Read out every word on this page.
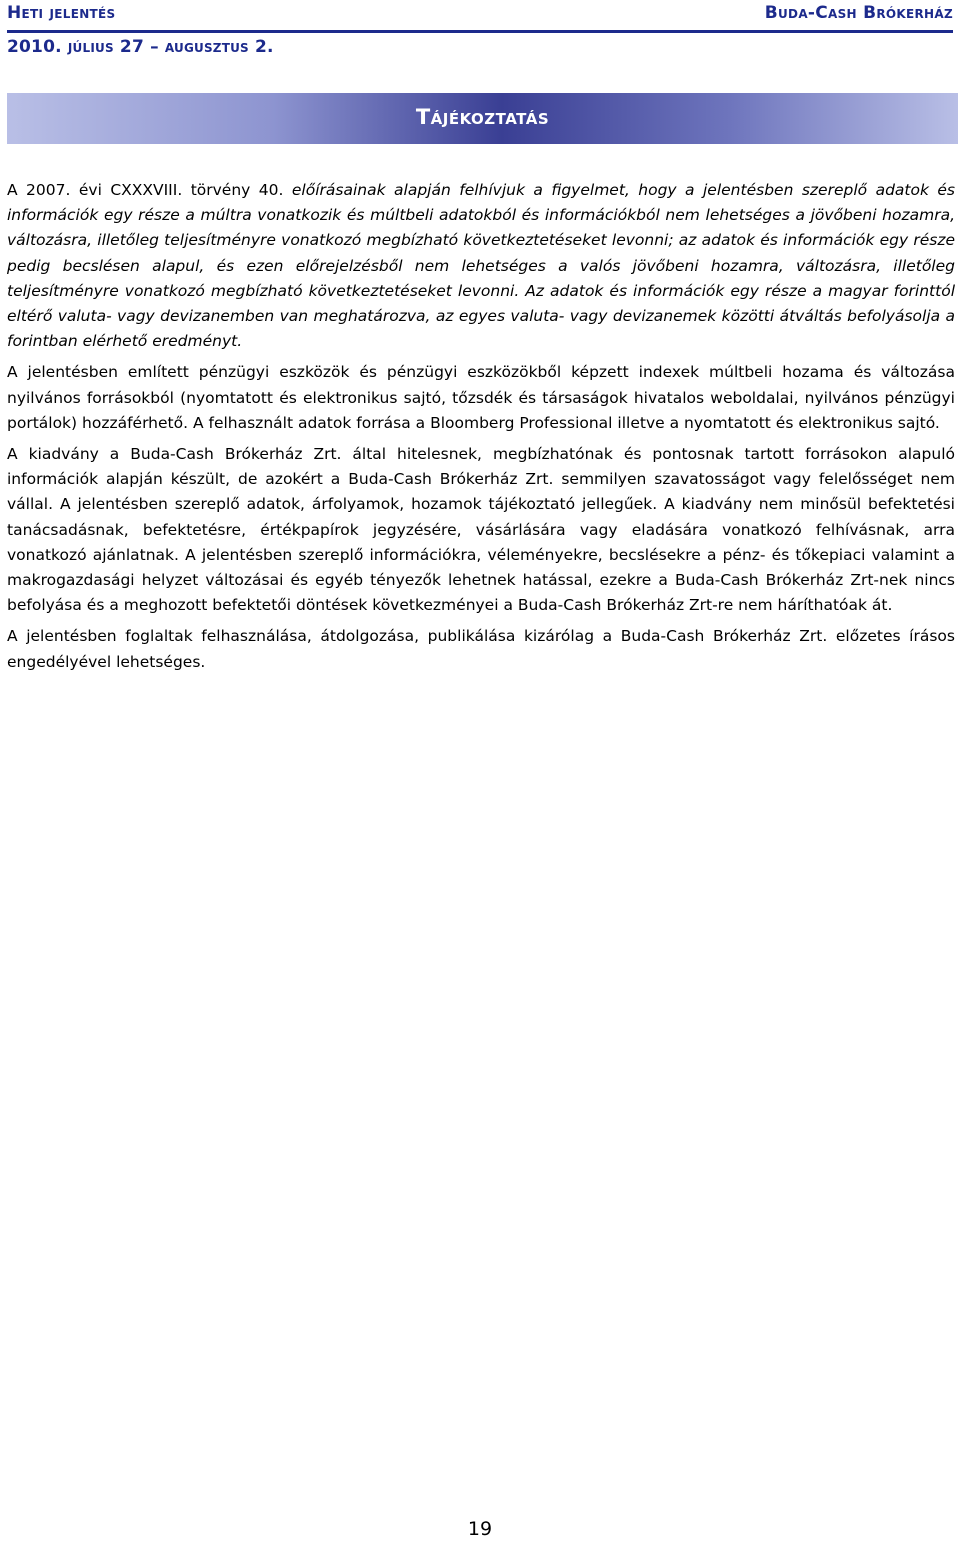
Heti jelentés	Buda-Cash Brókerház
2010. július 27 – augusztus 2.
Tájékoztatás

A 2007. évi CXXXVIII. törvény 40. előírásainak alapján felhívjuk a figyelmet, hogy a jelentésben szereplő adatok és információk egy része a múltra vonatkozik és múltbeli adatokból és információkból nem lehetséges a jövőbeni hozamra, változásra, illetőleg teljesítményre vonatkozó megbízható következtetéseket levonni; az adatok és információk egy része pedig becslésen alapul, és ezen előrejelzésből nem lehetséges a valós jövőbeni hozamra, változásra, illetőleg teljesítményre vonatkozó megbízható következtetéseket levonni. Az adatok és információk egy része a magyar forinttól eltérő valuta- vagy devizanemben van meghatározva, az egyes valuta- vagy devizanemek közötti átváltás befolyásolja a forintban elérhető eredményt.

A jelentésben említett pénzügyi eszközök és pénzügyi eszközökből képzett indexek múltbeli hozama és változása nyilvános forrásokból (nyomtatott és elektronikus sajtó, tőzsdék és társaságok hivatalos weboldalai, nyilvános pénzügyi portálok) hozzáférhető. A felhasznált adatok forrása a Bloomberg Professional illetve a nyomtatott és elektronikus sajtó.

A kiadvány a Buda-Cash Brókerház Zrt. által hitelesnek, megbízhatónak és pontosnak tartott forrásokon alapuló információk alapján készült, de azokért a Buda-Cash Brókerház Zrt. semmilyen szavatosságot vagy felelősséget nem vállal. A jelentésben szereplő adatok, árfolyamok, hozamok tájékoztató jellegűek. A kiadvány nem minősül befektetési tanácsadásnak, befektetésre, értékpapírok jegyzésére, vásárlására vagy eladására vonatkozó felhívásnak, arra vonatkozó ajánlatnak. A jelentésben szereplő információkra, véleményekre, becslésekre a pénz- és tőkepiaci valamint a makrogazdasági helyzet változásai és egyéb tényezők lehetnek hatással, ezekre a Buda-Cash Brókerház Zrt-nek nincs befolyása és a meghozott befektetői döntések következményei a Buda-Cash Brókerház Zrt-re nem háríthatóak át.

A jelentésben foglaltak felhasználása, átdolgozása, publikálása kizárólag a Buda-Cash Brókerház Zrt. előzetes írásos engedélyével lehetséges.

19
